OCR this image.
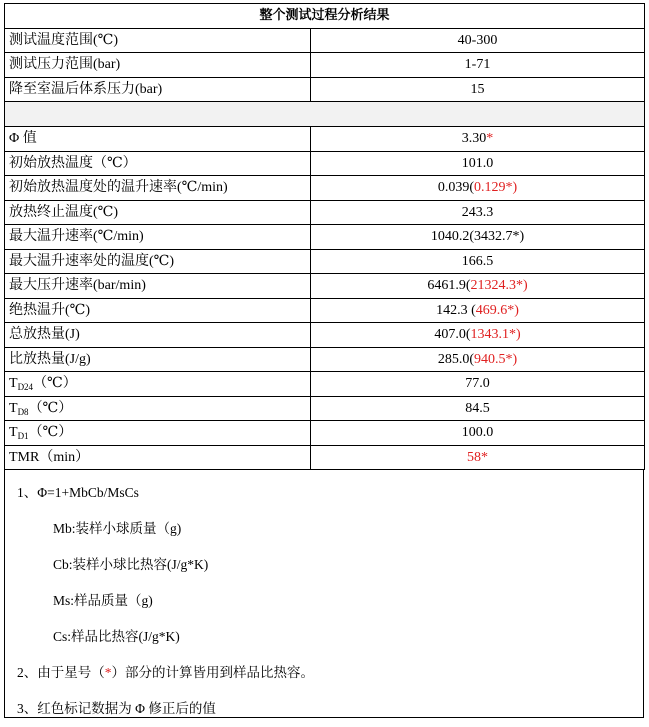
整个测试过程分析结果	
测试温度范围(℃)	40-300
测试压力范围(bar)	1-71
降至室温后体系压力(bar)	15

Φ 值	3.30*
初始放热温度（℃）	101.0
初始放热温度处的温升速率(℃/min)	0.039(0.129*)
放热终止温度(℃)	243.3
最大温升速率(℃/min)	1040.2(3432.7*)
最大温升速率处的温度(℃)	166.5
最大压升速率(bar/min)	6461.9(21324.3*)
绝热温升(℃)	142.3 (469.6*)
总放热量(J)	407.0(1343.1*)
比放热量(J/g)	285.0(940.5*)
$T_{D24}(℃)$	77.0
$T_{D8}(℃)$	84.5
$T_{D1}(℃)$	100.0
TMR（min）	58*
1、Φ=1+MbCb/MsCs
Mb:装样小球质量（g)
Cb:装样小球比热容(J/g*K)
Ms:样品质量（g)
Cs:样品比热容(J/g*K)
2、由于星号（*）部分的计算皆用到样品比热容。
3、红色标记数据为 Φ 修正后的值
